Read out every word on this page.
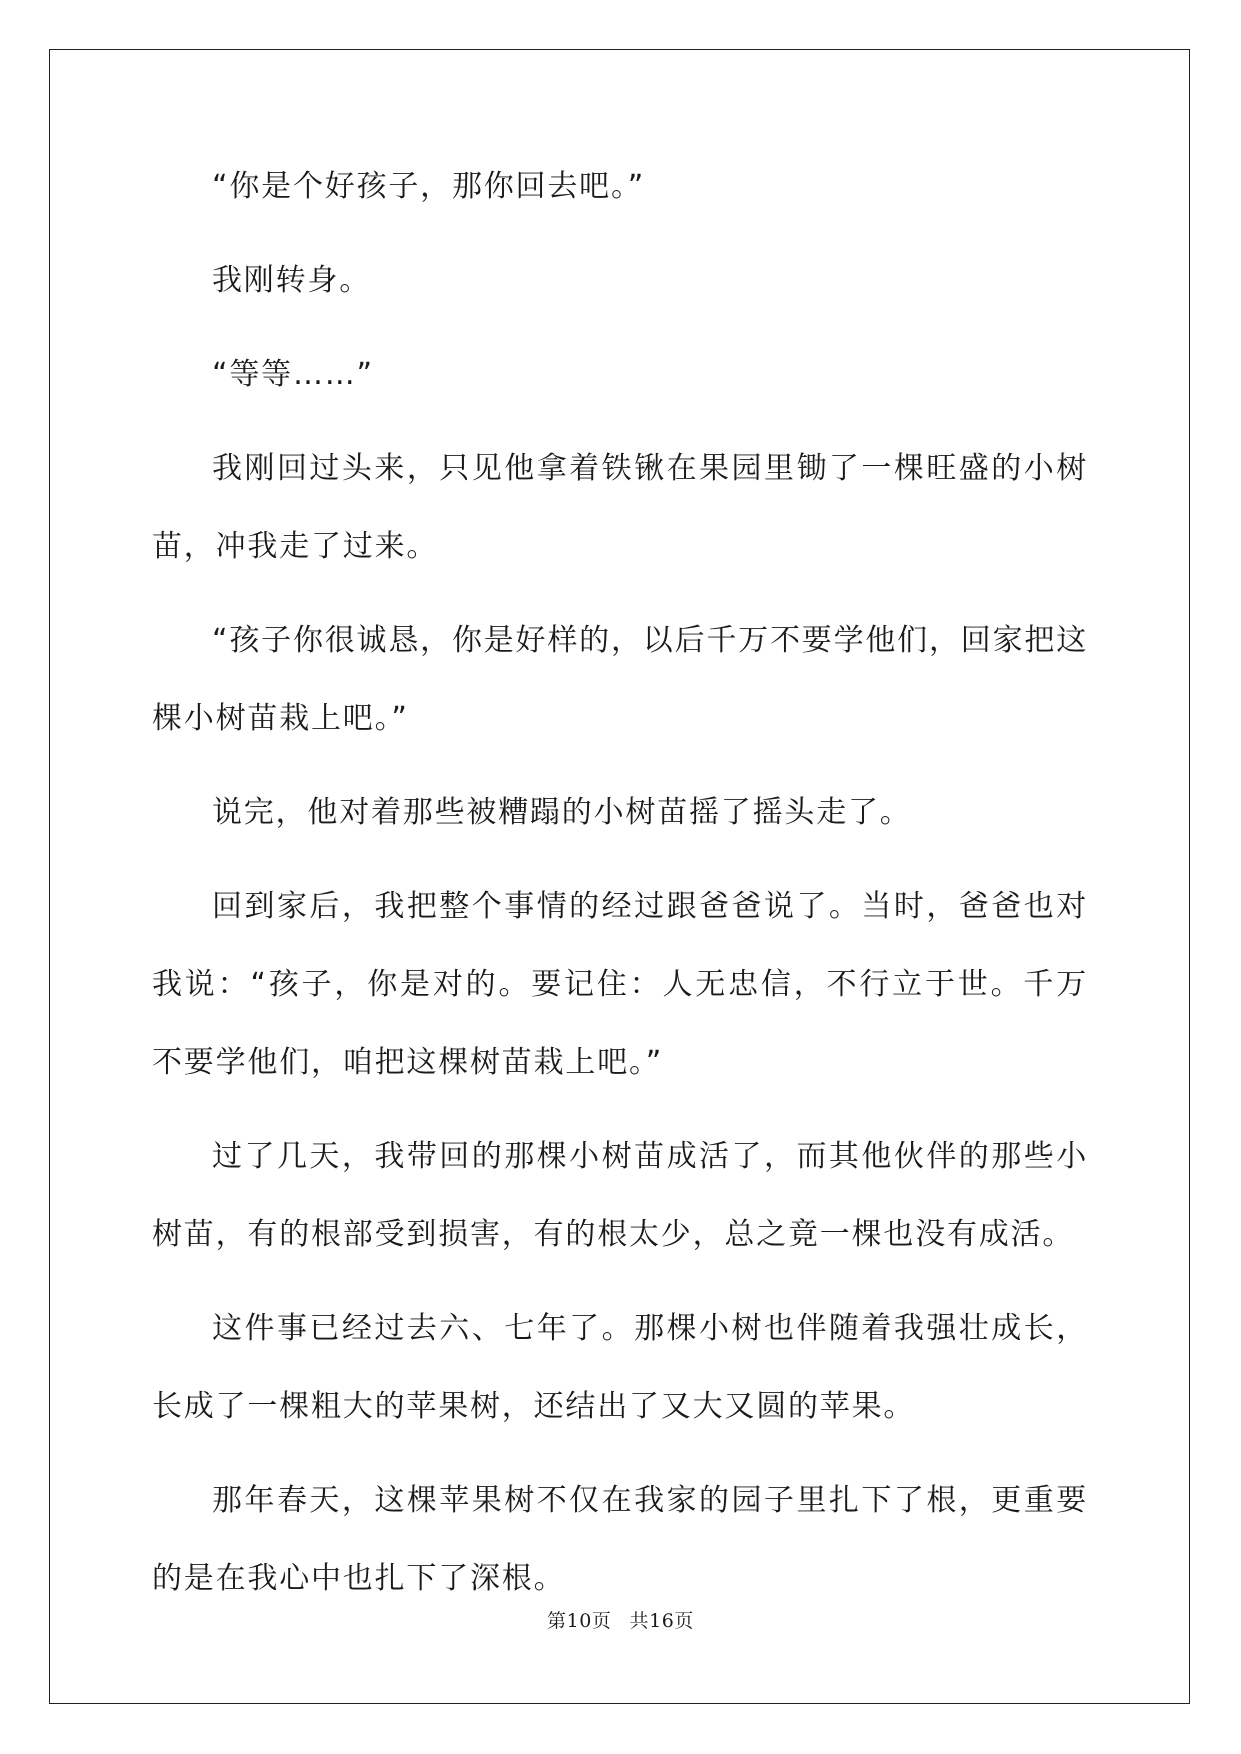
“你是个好孩子，那你回去吧。”

我刚转身。

“等等……”

我刚回过头来，只见他拿着铁锹在果园里锄了一棵旺盛的小树苗，冲我走了过来。

“孩子你很诚恳，你是好样的，以后千万不要学他们，回家把这棵小树苗栽上吧。”

说完，他对着那些被糟蹋的小树苗摇了摇头走了。

回到家后，我把整个事情的经过跟爸爸说了。当时，爸爸也对我说：“孩子，你是对的。要记住：人无忠信，不行立于世。千万不要学他们，咱把这棵树苗栽上吧。”

过了几天，我带回的那棵小树苗成活了，而其他伙伴的那些小树苗，有的根部受到损害，有的根太少，总之竟一棵也没有成活。

这件事已经过去六、七年了。那棵小树也伴随着我强壮成长，长成了一棵粗大的苹果树，还结出了又大又圆的苹果。

那年春天，这棵苹果树不仅在我家的园子里扎下了根，更重要的是在我心中也扎下了深根。

第10页 共16页
